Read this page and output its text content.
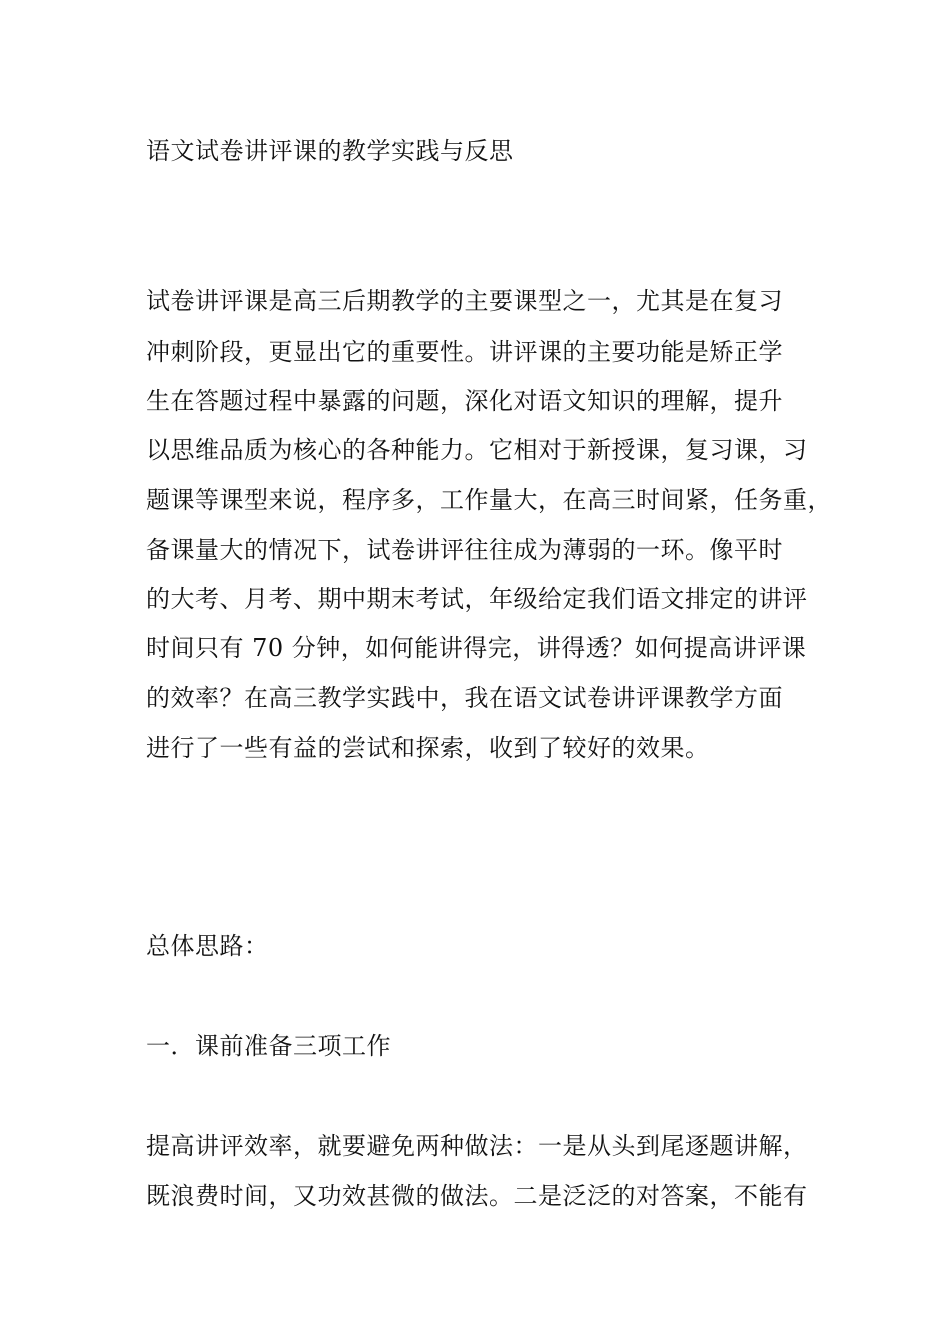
语文试卷讲评课的教学实践与反思
试卷讲评课是高三后期教学的主要课型之一，尤其是在复习
冲刺阶段，更显出它的重要性。讲评课的主要功能是矫正学
生在答题过程中暴露的问题，深化对语文知识的理解，提升
以思维品质为核心的各种能力。它相对于新授课，复习课，习
题课等课型来说，程序多，工作量大，在高三时间紧，任务重，
备课量大的情况下，试卷讲评往往成为薄弱的一环。像平时
的大考、月考、期中期末考试，年级给定我们语文排定的讲评
时间只有 70 分钟，如何能讲得完，讲得透？如何提高讲评课
的效率？在高三教学实践中，我在语文试卷讲评课教学方面
进行了一些有益的尝试和探索，收到了较好的效果。
总体思路：
一．课前准备三项工作
提高讲评效率，就要避免两种做法：一是从头到尾逐题讲解，
既浪费时间，又功效甚微的做法。二是泛泛的对答案，不能有
